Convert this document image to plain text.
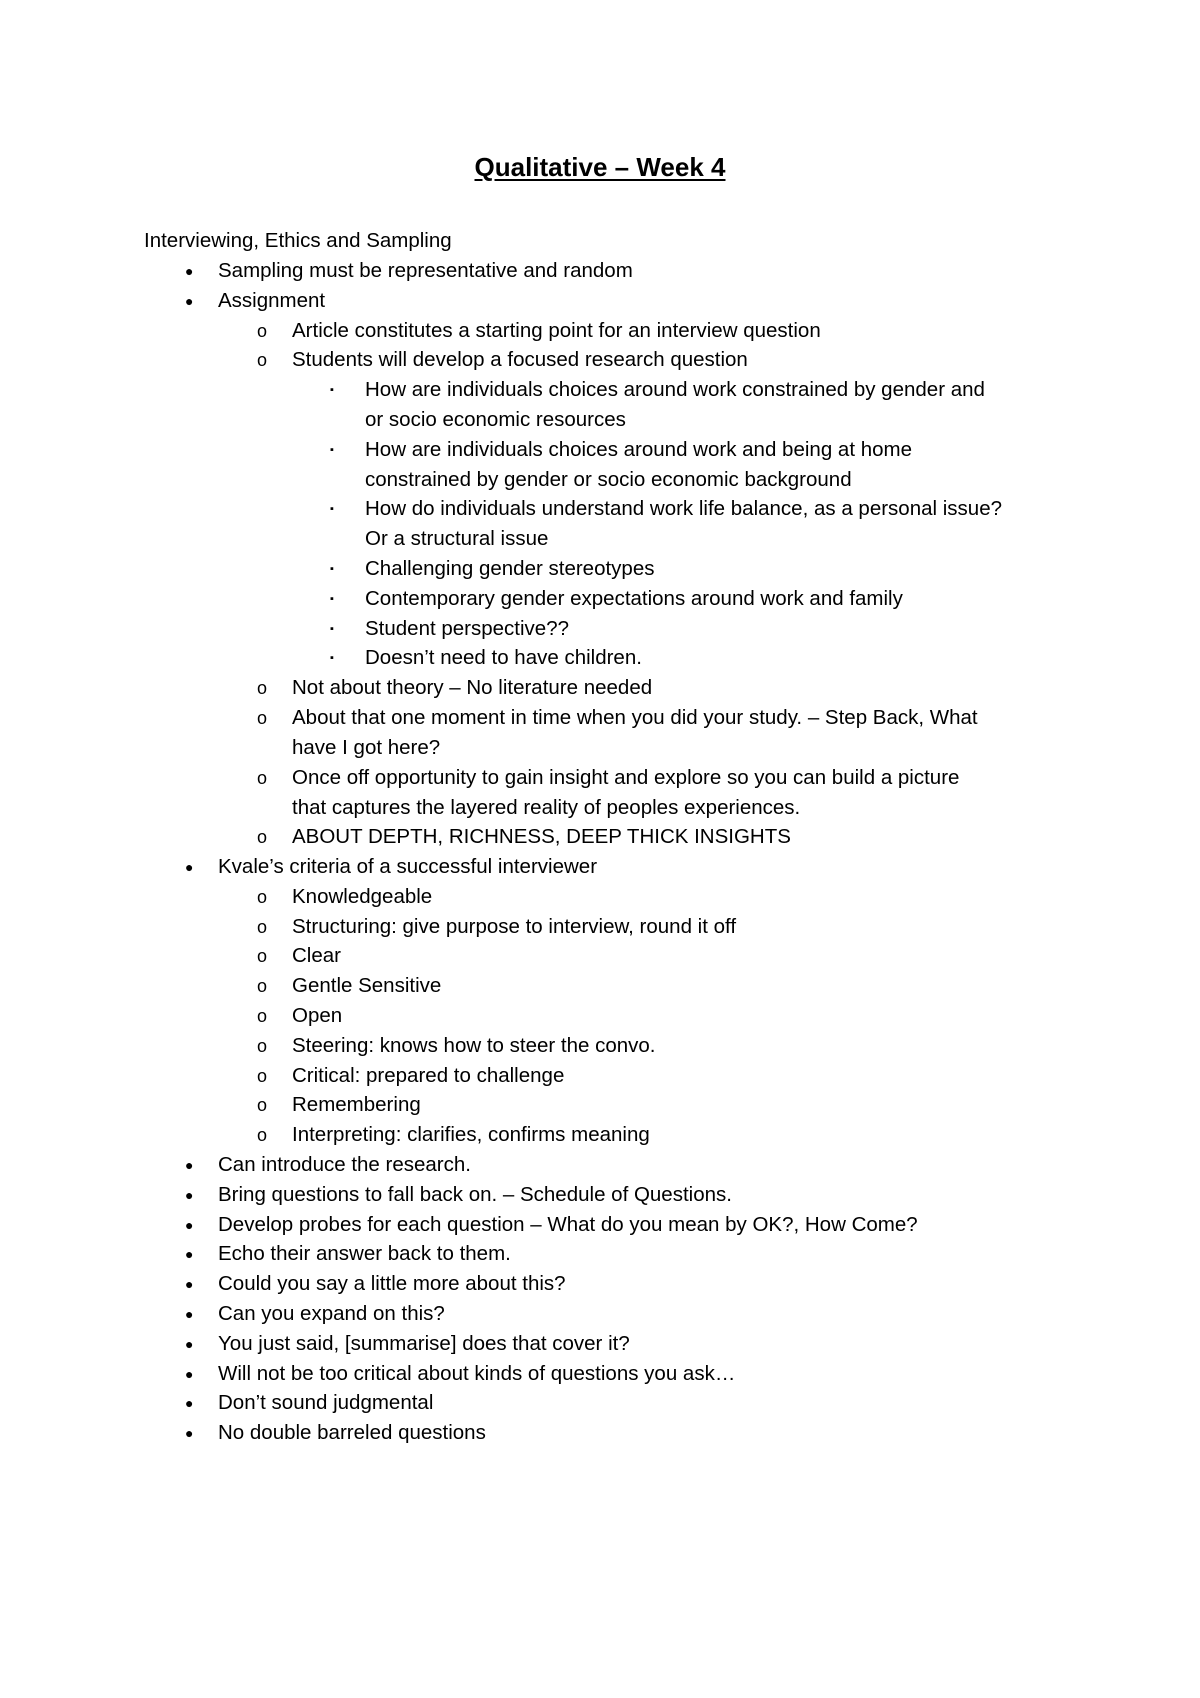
Qualitative – Week 4
Interviewing, Ethics and Sampling
●	Sampling must be representative and random
●	Assignment
o	Article constitutes a starting point for an interview question
o	Students will develop a focused research question
▪	How are individuals choices around work constrained by gender and
or socio economic resources
▪	How are individuals choices around work and being at home
constrained by gender or socio economic background
▪	How do individuals understand work life balance, as a personal issue?
Or a structural issue
▪	Challenging gender stereotypes
▪	Contemporary gender expectations around work and family
▪	Student perspective??
▪	Doesn’t need to have children.
o	Not about theory – No literature needed
o	About that one moment in time when you did your study. – Step Back, What
have I got here?
o	Once off opportunity to gain insight and explore so you can build a picture
that captures the layered reality of peoples experiences.
o	ABOUT DEPTH, RICHNESS, DEEP THICK INSIGHTS
●	Kvale’s criteria of a successful interviewer
o	Knowledgeable
o	Structuring: give purpose to interview, round it off
o	Clear
o	Gentle Sensitive
o	Open
o	Steering: knows how to steer the convo.
o	Critical: prepared to challenge
o	Remembering
o	Interpreting: clarifies, confirms meaning
●	Can introduce the research.
●	Bring questions to fall back on. – Schedule of Questions.
●	Develop probes for each question – What do you mean by OK?, How Come?
●	Echo their answer back to them.
●	Could you say a little more about this?
●	Can you expand on this?
●	You just said, [summarise] does that cover it?
●	Will not be too critical about kinds of questions you ask…
●	Don’t sound judgmental
●	No double barreled questions
